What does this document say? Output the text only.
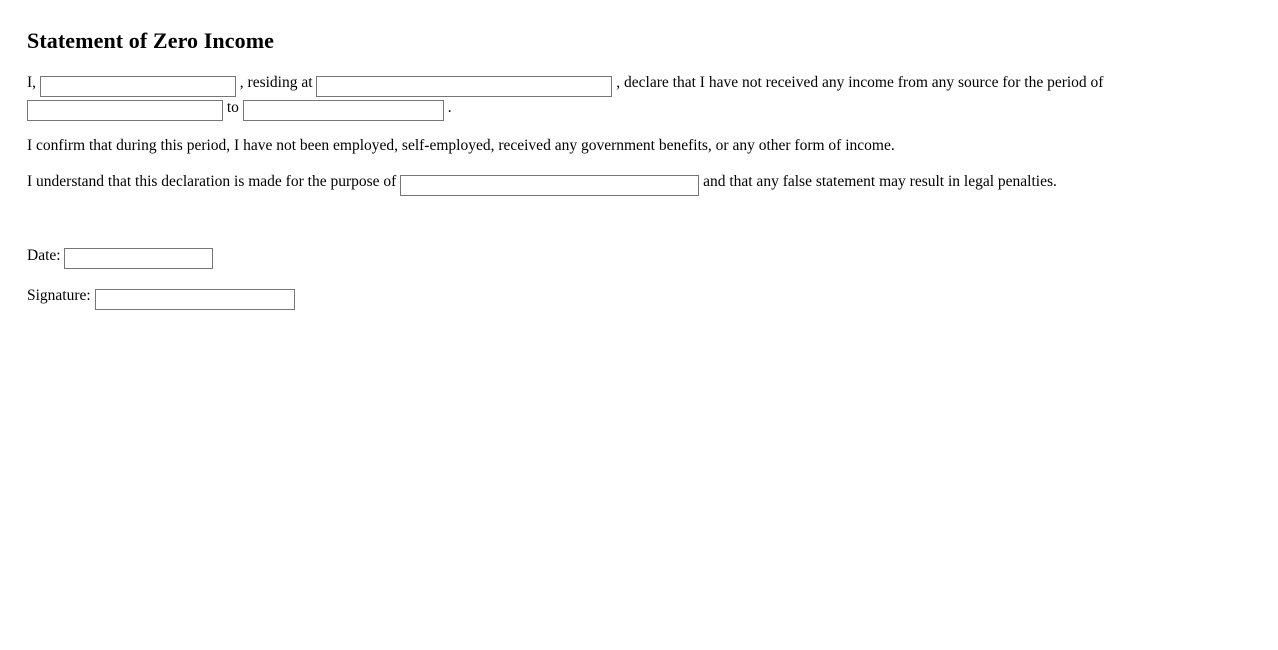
Statement of Zero Income
I,	, residing at	, declare that I have not received any income from any source for the period of
to	.

I confirm that during this period, I have not been employed, self-employed, received any government benefits, or any other form of income.

I understand that this declaration is made for the purpose of	and that any false statement may result in legal penalties.
Date:
Signature:
